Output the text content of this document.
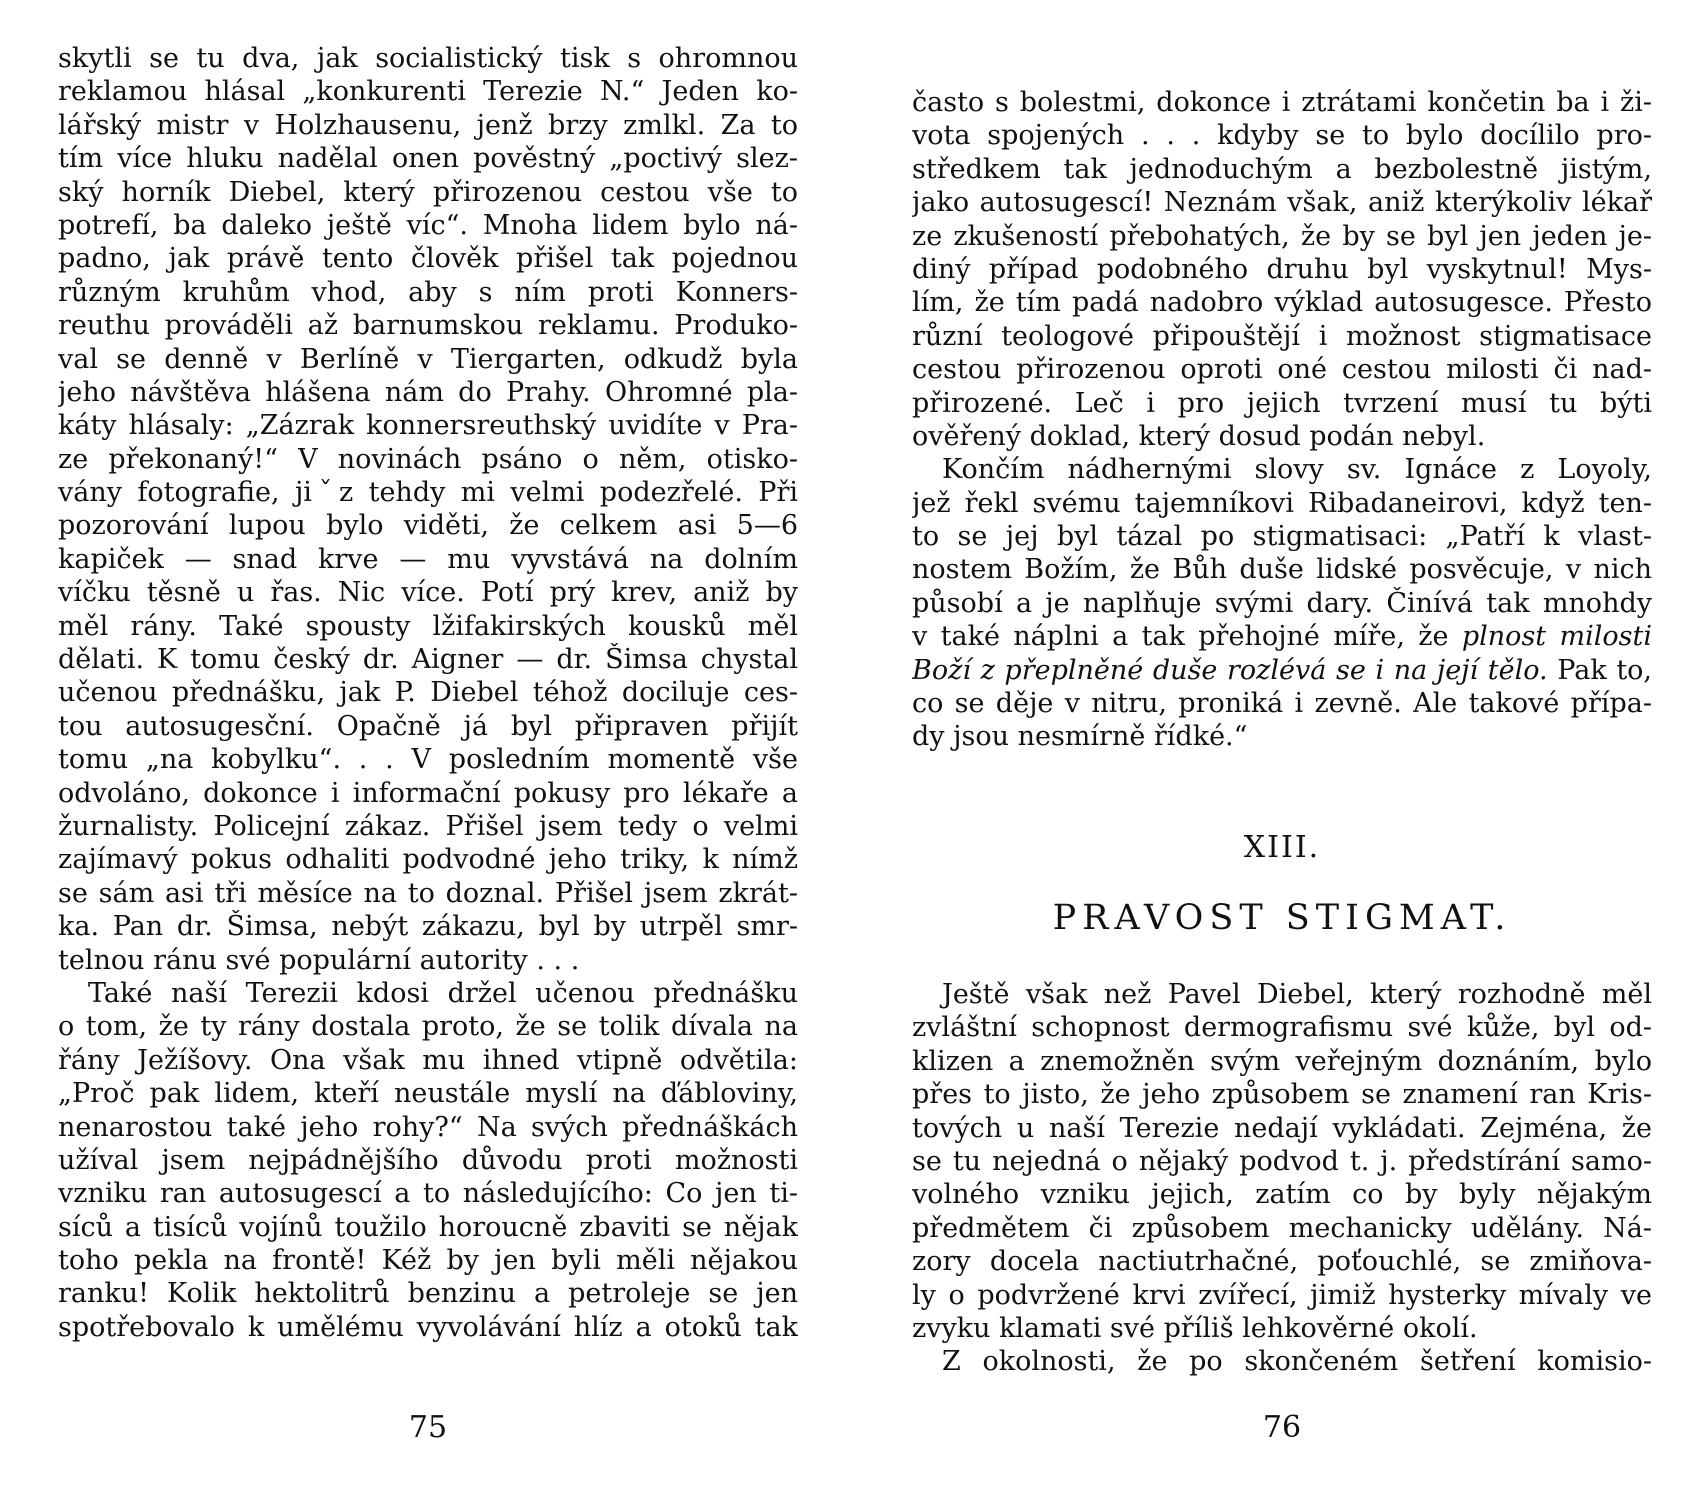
skytli se tu dva, jak socialistický tisk s ohromnou
reklamou hlásal „konkurenti Terezie N.“ Jeden ko-
lářský mistr v Holzhausenu, jenž brzy zmlkl. Za to
tím více hluku nadělal onen pověstný „poctivý slez-
ský horník Diebel, který přirozenou cestou vše to
potrefí, ba daleko ještě víc“. Mnoha lidem bylo ná-
padno, jak právě tento člověk přišel tak pojednou
různým kruhům vhod, aby s ním proti Konners-
reuthu prováděli až barnumskou reklamu. Produko-
val se denně v Berlíně v Tiergarten, odkudž byla
jeho návštěva hlášena nám do Prahy. Ohromné pla-
káty hlásaly: „Zázrak konnersreuthský uvidíte v Pra-
ze překonaný!“ V novinách psáno o něm, otisko-
vány fotografie, jiˇz tehdy mi velmi podezřelé. Při
pozorování lupou bylo viděti, že celkem asi 5—6
kapiček — snad krve — mu vyvstává na dolním
víčku těsně u řas. Nic více. Potí prý krev, aniž by
měl rány. Také spousty lžifakirských kousků měl
dělati. K tomu český dr. Aigner — dr. Šimsa chystal
učenou přednášku, jak P. Diebel téhož dociluje ces-
tou autosugesční. Opačně já byl připraven přijít
tomu „na kobylku“. . . V posledním momentě vše
odvoláno, dokonce i informační pokusy pro lékaře a
žurnalisty. Policejní zákaz. Přišel jsem tedy o velmi
zajímavý pokus odhaliti podvodné jeho triky, k nímž
se sám asi tři měsíce na to doznal. Přišel jsem zkrát-
ka. Pan dr. Šimsa, nebýt zákazu, byl by utrpěl smr-
telnou ránu své populární autority . . .
Také naší Terezii kdosi držel učenou přednášku
o tom, že ty rány dostala proto, že se tolik dívala na
řány Ježíšovy. Ona však mu ihned vtipně odvětila:
„Proč pak lidem, kteří neustále myslí na ďábloviny,
nenarostou také jeho rohy?“ Na svých přednáškách
užíval jsem nejpádnějšího důvodu proti možnosti
vzniku ran autosugescí a to následujícího: Co jen ti-
síců a tisíců vojínů toužilo horoucně zbaviti se nějak
toho pekla na frontě! Kéž by jen byli měli nějakou
ranku! Kolik hektolitrů benzinu a petroleje se jen
spotřebovalo k umělému vyvolávání hlíz a otoků tak
75
často s bolestmi, dokonce i ztrátami končetin ba i ži-
vota spojených . . . kdyby se to bylo docílilo pro-
středkem tak jednoduchým a bezbolestně jistým,
jako autosugescí! Neznám však, aniž kterýkoliv lékař
ze zkušeností přebohatých, že by se byl jen jeden je-
diný případ podobného druhu byl vyskytnul! Mys-
lím, že tím padá nadobro výklad autosugesce. Přesto
různí teologové připouštějí i možnost stigmatisace
cestou přirozenou oproti oné cestou milosti či nad-
přirozené. Leč i pro jejich tvrzení musí tu býti
ověřený doklad, který dosud podán nebyl.
Končím nádhernými slovy sv. Ignáce z Loyoly,
jež řekl svému tajemníkovi Ribadaneirovi, když ten-
to se jej byl tázal po stigmatisaci: „Patří k vlast-
nostem Božím, že Bůh duše lidské posvěcuje, v nich
působí a je naplňuje svými dary. Činívá tak mnohdy
v také náplni a tak přehojné míře, že plnost milosti
Boží z přeplněné duše rozlévá se i na její tělo. Pak to,
co se děje v nitru, proniká i zevně. Ale takové přípa-
dy jsou nesmírně řídké.“
XIII.
PRAVOST STIGMAT.
Ještě však než Pavel Diebel, který rozhodně měl
zvláštní schopnost dermografismu své kůže, byl od-
klizen a znemožněn svým veřejným doznáním, bylo
přes to jisto, že jeho způsobem se znamení ran Kris-
tových u naší Terezie nedají vykládati. Zejména, že
se tu nejedná o nějaký podvod t. j. předstírání samo-
volného vzniku jejich, zatím co by byly nějakým
předmětem či způsobem mechanicky udělány. Ná-
zory docela nactiutrhačné, poťouchlé, se zmiňova-
ly o podvržené krvi zvířecí, jimiž hysterky mívaly ve
zvyku klamati své příliš lehkověrné okolí.
Z okolnosti, že po skončeném šetření komisio-
76
